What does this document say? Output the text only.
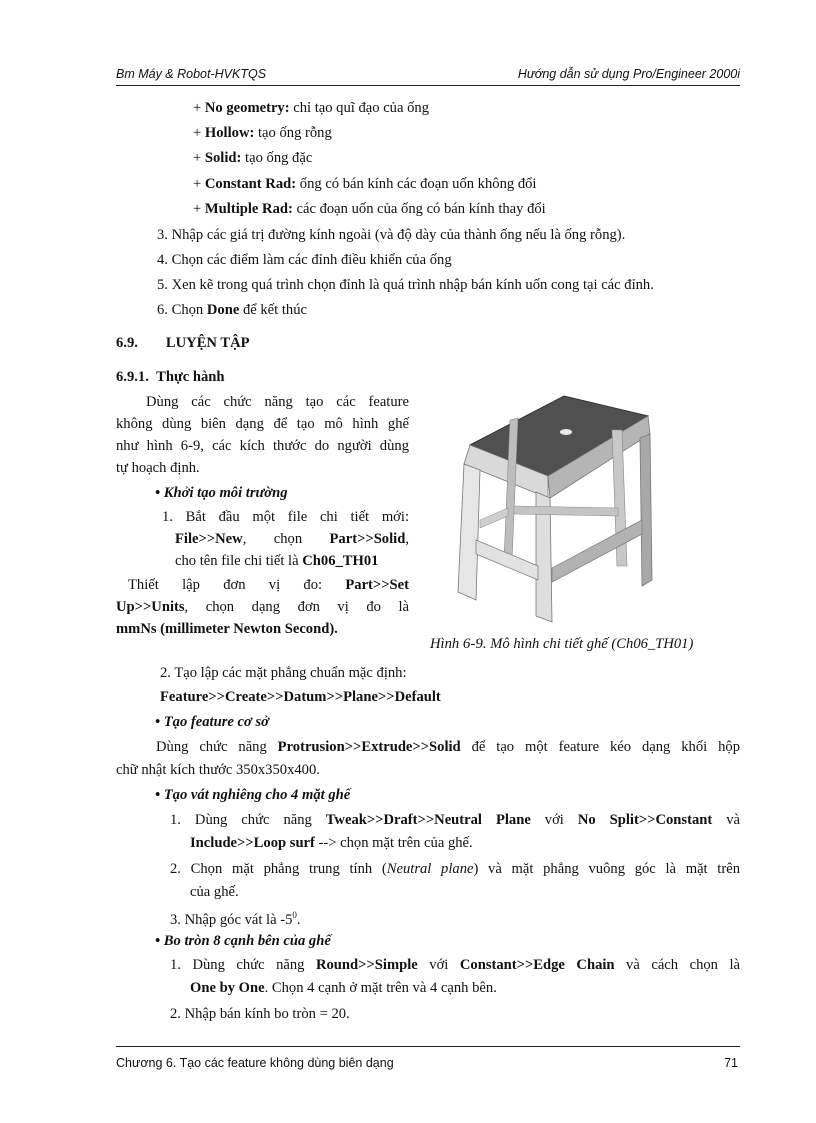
Bm Máy & Robot-HVKTQS	Hướng dẫn sử dụng Pro/Engineer 2000i
+ No geometry: chỉ tạo quĩ đạo của ống
+ Hollow: tạo ống rỗng
+ Solid: tạo ống đặc
+ Constant Rad: ống có bán kính các đoạn uốn không đổi
+ Multiple Rad: các đoạn uốn của ống có bán kính thay đổi
3. Nhập các giá trị đường kính ngoài (và độ dày của thành ống nếu là ống rỗng).
4. Chọn các điểm làm các đỉnh điều khiển của ống
5. Xen kẽ trong quá trình chọn đỉnh là quá trình nhập bán kính uốn cong tại các đỉnh.
6. Chọn Done để kết thúc
6.9. LUYỆN TẬP
6.9.1. Thực hành
Dùng các chức năng tạo các feature
không dùng biên dạng để tạo mô hình ghế
như hình 6-9, các kích thước do người dùng
tự hoạch định.
• Khởi tạo môi trường
1. Bắt đầu một file chi tiết mới:
File>>New, chọn Part>>Solid,
cho tên file chi tiết là Ch06_TH01
Thiết lập đơn vị đo: Part>>Set
Up>>Units, chọn dạng đơn vị đo là
mmNs (millimeter Newton Second).
Hình 6-9. Mô hình chi tiết ghế (Ch06_TH01)
2. Tạo lập các mặt phẳng chuẩn mặc định:
Feature>>Create>>Datum>>Plane>>Default
• Tạo feature cơ sở
Dùng chức năng Protrusion>>Extrude>>Solid để tạo một feature kéo dạng khối hộp
chữ nhật kích thước 350x350x400.
• Tạo vát nghiêng cho 4 mặt ghế
1. Dùng chức năng Tweak>>Draft>>Neutral Plane với No Split>>Constant và
Include>>Loop surf --> chọn mặt trên của ghế.
2. Chọn mặt phẳng trung tính (Neutral plane) và mặt phẳng vuông góc là mặt trên
của ghế.
3. Nhập góc vát là $-5^0$.
• Bo tròn 8 cạnh bên của ghế
1. Dùng chức năng Round>>Simple với Constant>>Edge Chain và cách chọn là
One by One. Chọn 4 cạnh ở mặt trên và 4 cạnh bên.
2. Nhập bán kính bo tròn = 20.
Chương 6. Tạo các feature không dùng biên dạng	71
